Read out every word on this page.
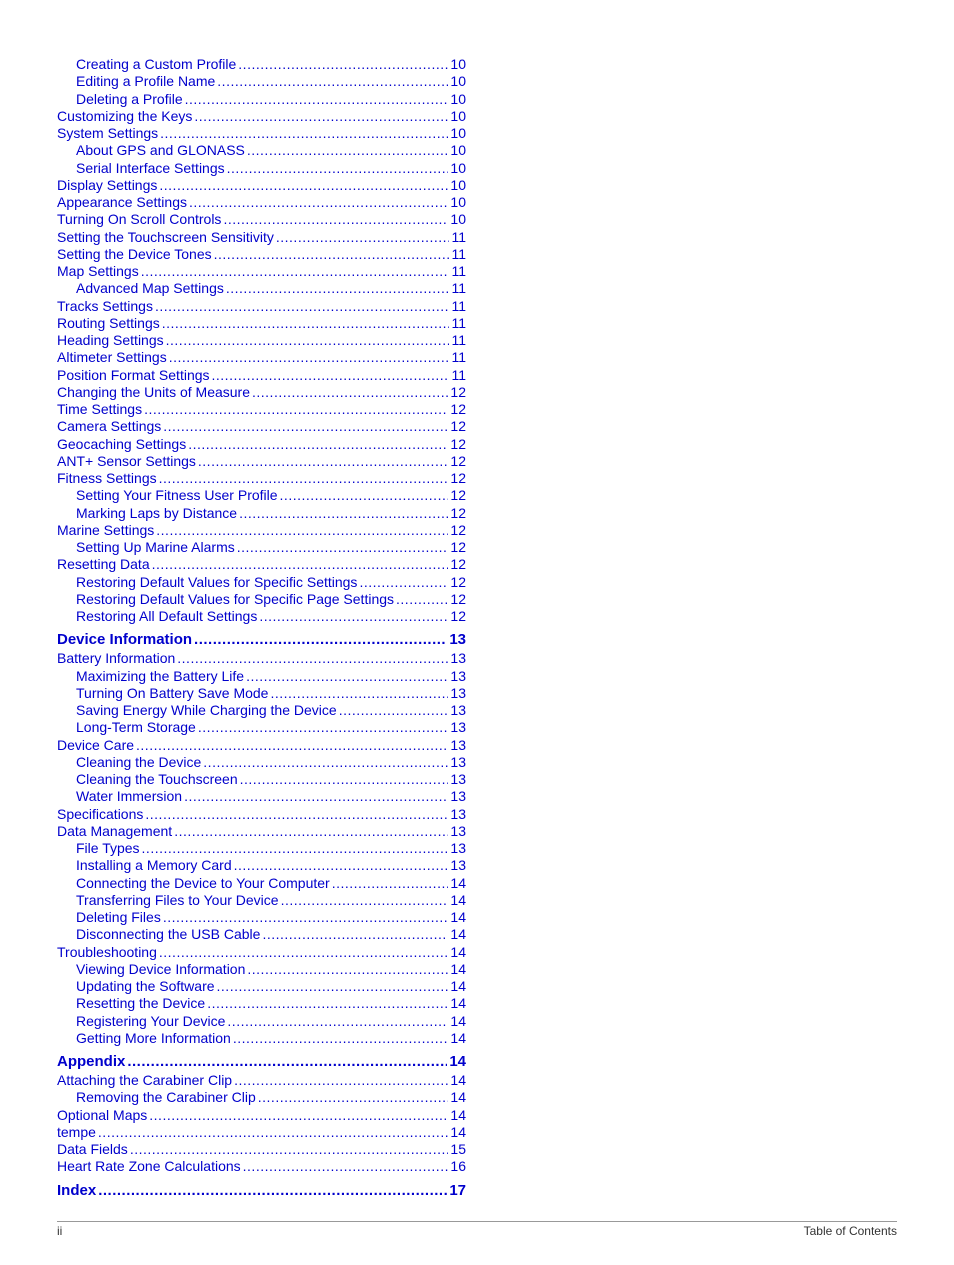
Creating a Custom Profile .....	10
Editing a Profile Name .....	10
Deleting a Profile .....	10
Customizing the Keys .....	10
System Settings .....	10
About GPS and GLONASS .....	10
Serial Interface Settings .....	10
Display Settings .....	10
Appearance Settings .....	10
Turning On Scroll Controls .....	10
Setting the Touchscreen Sensitivity .....	11
Setting the Device Tones .....	11
Map Settings .....	11
Advanced Map Settings .....	11
Tracks Settings .....	11
Routing Settings .....	11
Heading Settings .....	11
Altimeter Settings .....	11
Position Format Settings .....	11
Changing the Units of Measure .....	12
Time Settings .....	12
Camera Settings .....	12
Geocaching Settings .....	12
ANT+ Sensor Settings .....	12
Fitness Settings .....	12
Setting Your Fitness User Profile .....	12
Marking Laps by Distance .....	12
Marine Settings .....	12
Setting Up Marine Alarms .....	12
Resetting Data .....	12
Restoring Default Values for Specific Settings .....	12
Restoring Default Values for Specific Page Settings .....	12
Restoring All Default Settings .....	12
Device Information .....	13
Battery Information .....	13
Maximizing the Battery Life .....	13
Turning On Battery Save Mode .....	13
Saving Energy While Charging the Device .....	13
Long-Term Storage .....	13
Device Care .....	13
Cleaning the Device .....	13
Cleaning the Touchscreen .....	13
Water Immersion .....	13
Specifications .....	13
Data Management .....	13
File Types .....	13
Installing a Memory Card .....	13
Connecting the Device to Your Computer .....	14
Transferring Files to Your Device .....	14
Deleting Files .....	14
Disconnecting the USB Cable .....	14
Troubleshooting .....	14
Viewing Device Information .....	14
Updating the Software .....	14
Resetting the Device .....	14
Registering Your Device .....	14
Getting More Information .....	14
Appendix .....	14
Attaching the Carabiner Clip .....	14
Removing the Carabiner Clip .....	14
Optional Maps .....	14
tempe .....	14
Data Fields .....	15
Heart Rate Zone Calculations .....	16
Index .....	17
ii	Table of Contents
